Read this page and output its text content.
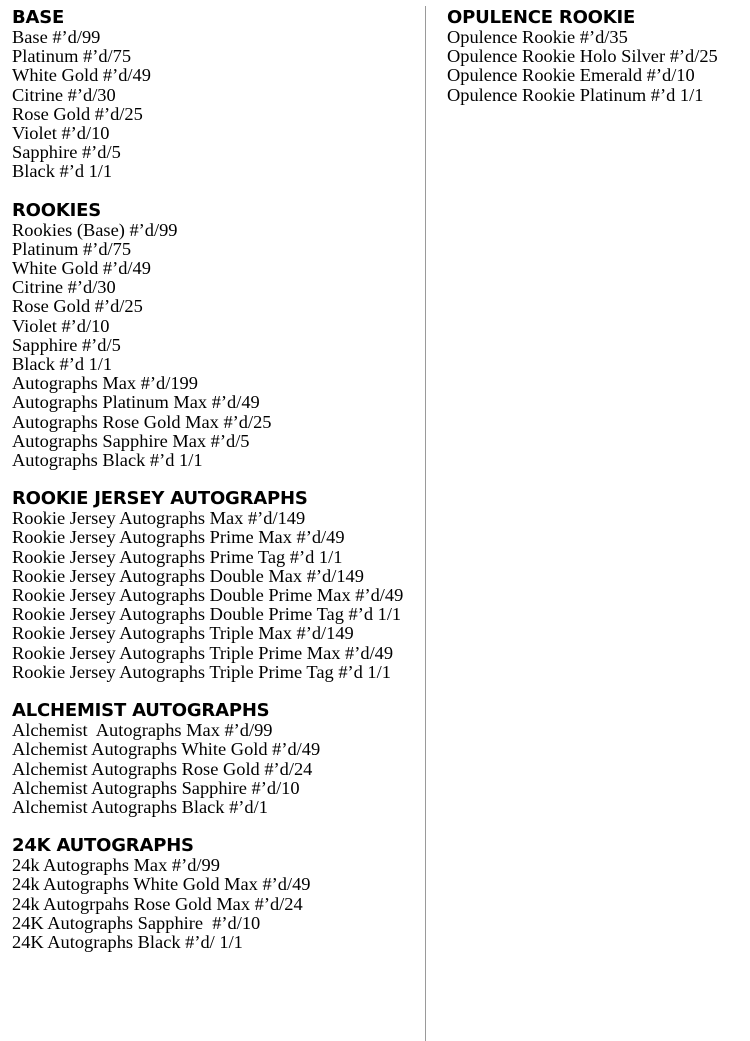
BASE
Base #’d/99
Platinum #’d/75
White Gold #’d/49
Citrine #’d/30
Rose Gold #’d/25
Violet #’d/10
Sapphire #’d/5
Black #’d 1/1
ROOKIES
Rookies (Base) #’d/99
Platinum #’d/75
White Gold #’d/49
Citrine #’d/30
Rose Gold #’d/25
Violet #’d/10
Sapphire #’d/5
Black #’d 1/1
Autographs Max #’d/199
Autographs Platinum Max #’d/49
Autographs Rose Gold Max #’d/25
Autographs Sapphire Max #’d/5
Autographs Black #’d 1/1
ROOKIE JERSEY AUTOGRAPHS
Rookie Jersey Autographs Max #’d/149
Rookie Jersey Autographs Prime Max #’d/49
Rookie Jersey Autographs Prime Tag #’d 1/1
Rookie Jersey Autographs Double Max #’d/149
Rookie Jersey Autographs Double Prime Max #’d/49
Rookie Jersey Autographs Double Prime Tag #’d 1/1
Rookie Jersey Autographs Triple Max #’d/149
Rookie Jersey Autographs Triple Prime Max #’d/49
Rookie Jersey Autographs Triple Prime Tag #’d 1/1
ALCHEMIST AUTOGRAPHS
Alchemist  Autographs Max #’d/99
Alchemist Autographs White Gold #’d/49
Alchemist Autographs Rose Gold #’d/24
Alchemist Autographs Sapphire #’d/10
Alchemist Autographs Black #’d/1
24K AUTOGRAPHS
24k Autographs Max #’d/99
24k Autographs White Gold Max #’d/49
24k Autogrpahs Rose Gold Max #’d/24
24K Autographs Sapphire  #’d/10
24K Autographs Black #’d/ 1/1
OPULENCE ROOKIE
Opulence Rookie #’d/35
Opulence Rookie Holo Silver #’d/25
Opulence Rookie Emerald #’d/10
Opulence Rookie Platinum #’d 1/1
